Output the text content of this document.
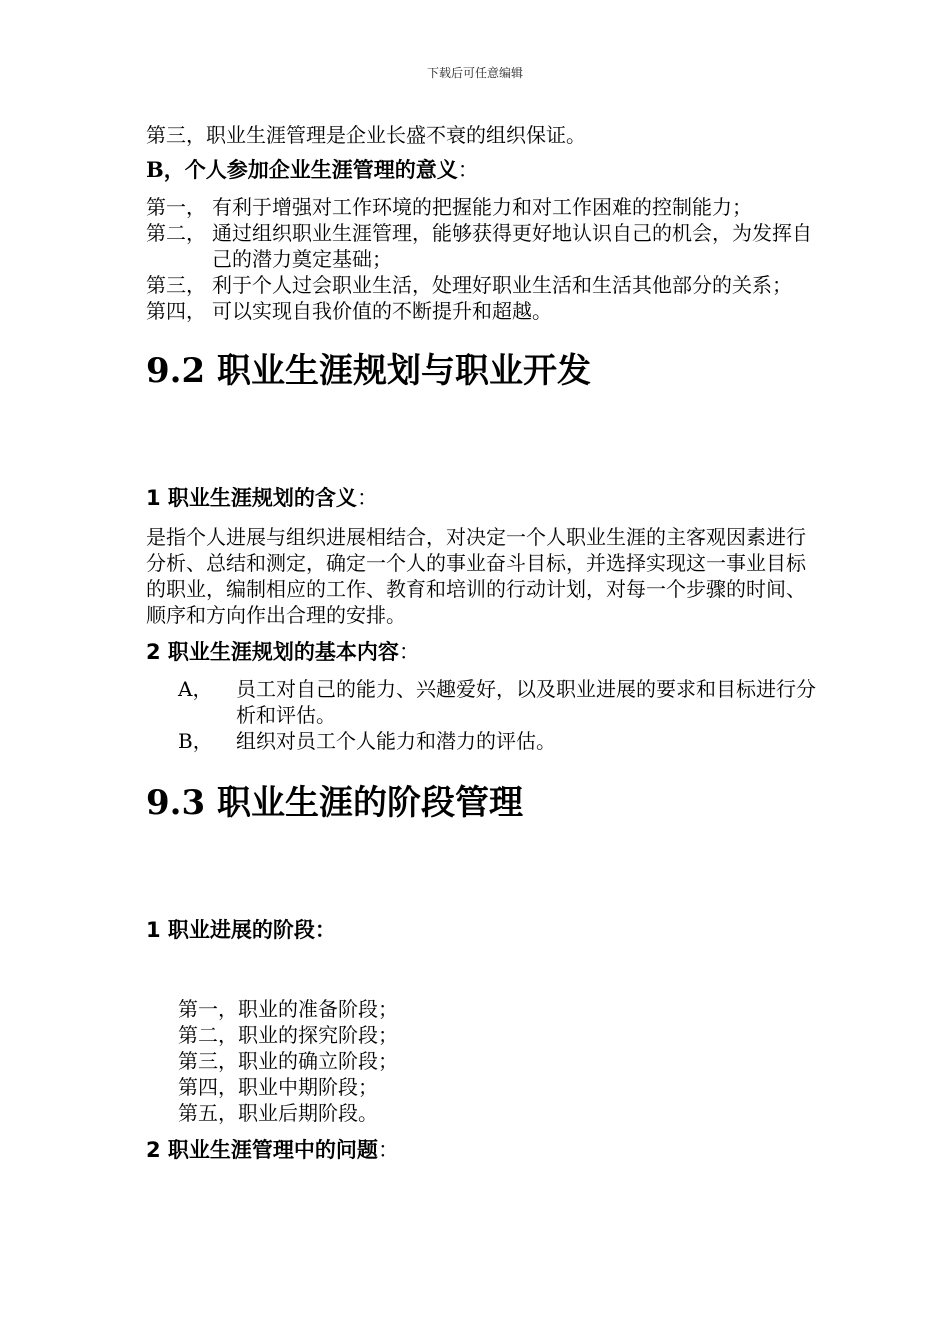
下载后可任意编辑

第三，职业生涯管理是企业长盛不衰的组织保证。

B，个人参加企业生涯管理的意义：
第一， 有利于增强对工作环境的把握能力和对工作困难的控制能力；
第二， 通过组织职业生涯管理，能够获得更好地认识自己的机会，为发挥自己的潜力奠定基础；
第三， 利于个人过会职业生活，处理好职业生活和生活其他部分的关系；
第四， 可以实现自我价值的不断提升和超越。
9.2 职业生涯规划与职业开发
1 职业生涯规划的含义：

是指个人进展与组织进展相结合，对决定一个人职业生涯的主客观因素进行分析、总结和测定，确定一个人的事业奋斗目标，并选择实现这一事业目标的职业，编制相应的工作、教育和培训的行动计划，对每一个步骤的时间、顺序和方向作出合理的安排。

2 职业生涯规划的基本内容：
A，	员工对自己的能力、兴趣爱好，以及职业进展的要求和目标进行分析和评估。
B，	组织对员工个人能力和潜力的评估。
9.3 职业生涯的阶段管理
1 职业进展的阶段：

第一，职业的准备阶段；

第二，职业的探究阶段；

第三，职业的确立阶段；

第四，职业中期阶段；

第五，职业后期阶段。

2 职业生涯管理中的问题：
